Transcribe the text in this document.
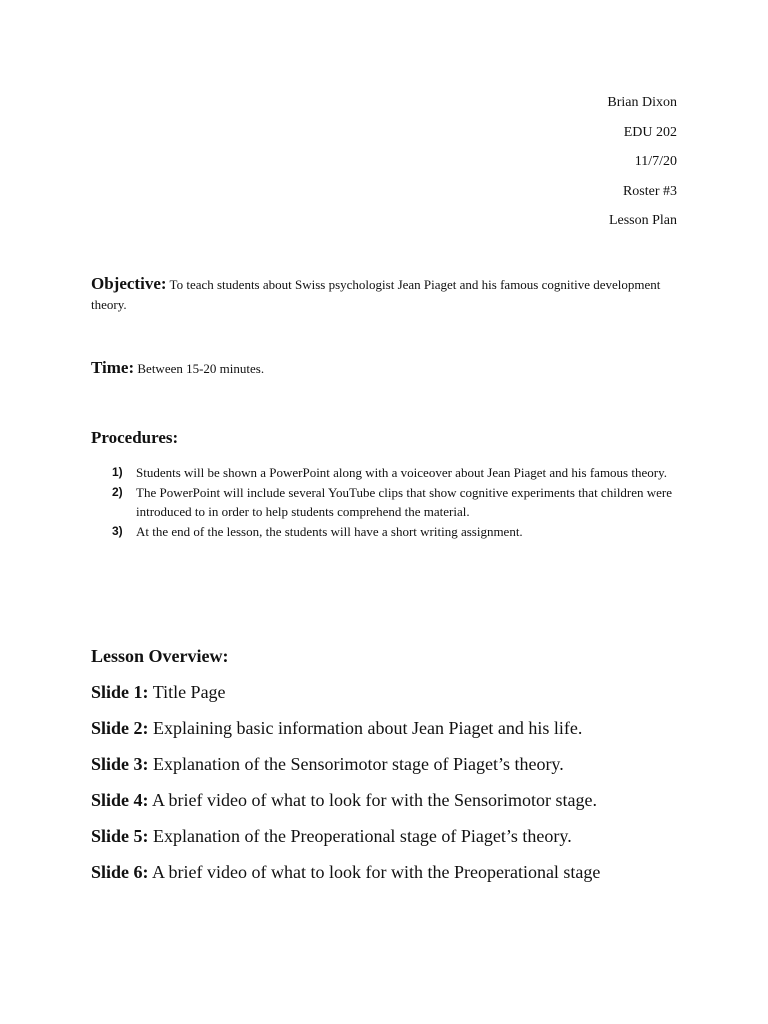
Brian Dixon
EDU 202
11/7/20
Roster #3
Lesson Plan
Objective: To teach students about Swiss psychologist Jean Piaget and his famous cognitive development theory.
Time: Between 15-20 minutes.
Procedures:
1)	Students will be shown a PowerPoint along with a voiceover about Jean Piaget and his famous theory.
2)	The PowerPoint will include several YouTube clips that show cognitive experiments that children were introduced to in order to help students comprehend the material.
3)	At the end of the lesson, the students will have a short writing assignment.
Lesson Overview:
Slide 1: Title Page
Slide 2: Explaining basic information about Jean Piaget and his life.
Slide 3: Explanation of the Sensorimotor stage of Piaget’s theory.
Slide 4: A brief video of what to look for with the Sensorimotor stage.
Slide 5: Explanation of the Preoperational stage of Piaget’s theory.
Slide 6: A brief video of what to look for with the Preoperational stage
